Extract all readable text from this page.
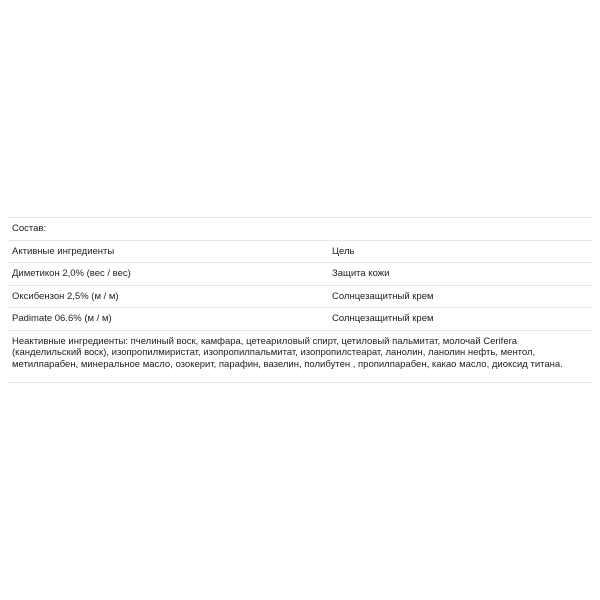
Состав:	
Активные ингредиенты	Цель
Диметикон 2,0% (вес / вес)	Защита кожи
Оксибензон 2,5% (м / м)	Солнцезащитный крем
Padimate 06.6% (м / м)	Солнцезащитный крем
Неактивные ингредиенты: пчелиный воск, камфара, цетеариловый спирт, цетиловый пальмитат, молочай Cerifera (канделильский воск), изопропилмиристат, изопропилпальмитат, изопропилстеарат, ланолин, ланолин нефть, ментол, метилпарабен, минеральное масло, озокерит, парафин, вазелин, полибутен , пропилпарабен, какао масло, диоксид титана.	
